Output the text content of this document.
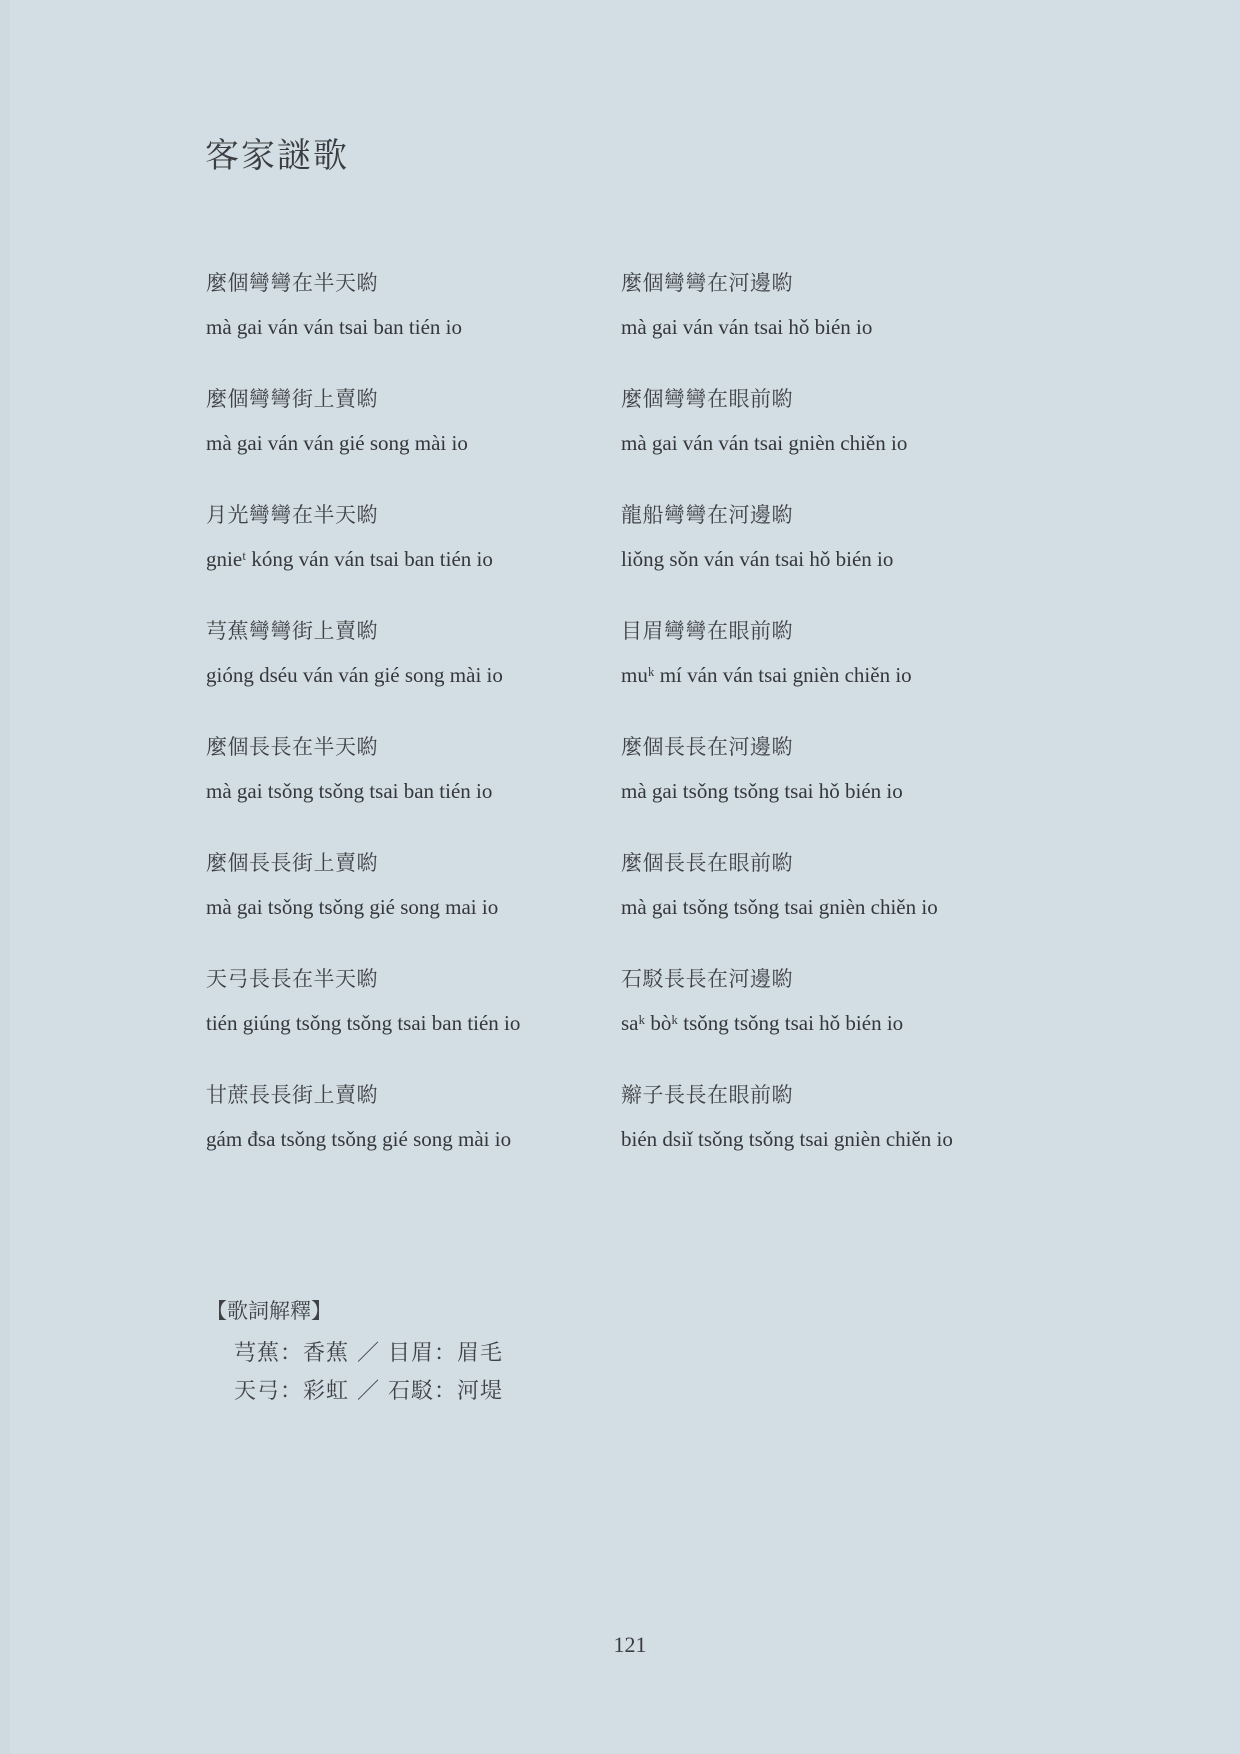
客家謎歌
麼個彎彎在半天喲
mà gai ván ván tsai ban tién io
麼個彎彎街上賣喲
mà gai ván ván gié song mài io
月光彎彎在半天喲
gnieᵗ kóng ván ván tsai ban tién io
芎蕉彎彎街上賣喲
gióng dséu ván ván gié song mài io
麼個長長在半天喲
mà gai tsǒng tsǒng tsai ban tién io
麼個長長街上賣喲
mà gai tsǒng tsǒng gié song mai io
天弓長長在半天喲
tién giúng tsǒng tsǒng tsai ban tién io
甘蔗長長街上賣喲
gám đsa tsǒng tsǒng gié song mài io
麼個彎彎在河邊喲
mà gai ván ván tsai hǒ bién io
麼個彎彎在眼前喲
mà gai ván ván tsai gnièn chiěn io
龍船彎彎在河邊喲
liǒng sǒn ván ván tsai hǒ bién io
目眉彎彎在眼前喲
muᵏ mí ván ván tsai gnièn chiěn io
麼個長長在河邊喲
mà gai tsǒng tsǒng tsai hǒ bién io
麼個長長在眼前喲
mà gai tsǒng tsǒng tsai gnièn chiěn io
石駁長長在河邊喲
saᵏ bòᵏ tsǒng tsǒng tsai hǒ bién io
辮子長長在眼前喲
bién dsiǐ tsǒng tsǒng tsai gnièn chiěn io
【歌詞解釋】
芎蕉：香蕉 ／ 目眉：眉毛
天弓：彩虹 ／ 石駁：河堤
121
